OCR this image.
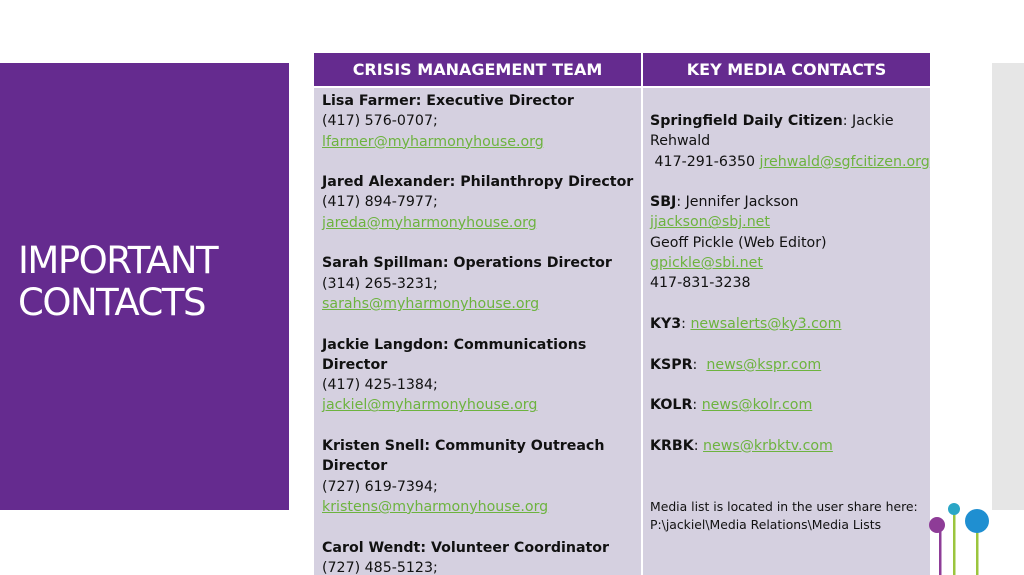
IMPORTANT
CONTACTS
CRISIS MANAGEMENT TEAM	KEY MEDIA CONTACTS
Lisa Farmer: Executive Director
(417) 576-0707;
lfarmer@myharmonyhouse.org
Jared Alexander: Philanthropy Director
(417) 894-7977;
jareda@myharmonyhouse.org
Sarah Spillman: Operations Director
(314) 265-3231;
sarahs@myharmonyhouse.org
Jackie Langdon: Communications
Director
(417) 425-1384;
jackiel@myharmonyhouse.org
Kristen Snell: Community Outreach
Director
(727) 619-7394;
kristens@myharmonyhouse.org
Carol Wendt: Volunteer Coordinator
(727) 485-5123;
Springfield Daily Citizen: Jackie
Rehwald
417-291-6350 jrehwald@sgfcitizen.org
SBJ: Jennifer Jackson
jjackson@sbj.net
Geoff Pickle (Web Editor)
gpickle@sbi.net
417-831-3238
KY3: newsalerts@ky3.com
KSPR:  news@kspr.com
KOLR: news@kolr.com
KRBK: news@krbktv.com
Media list is located in the user share here:
P:\jackiel\Media Relations\Media Lists
